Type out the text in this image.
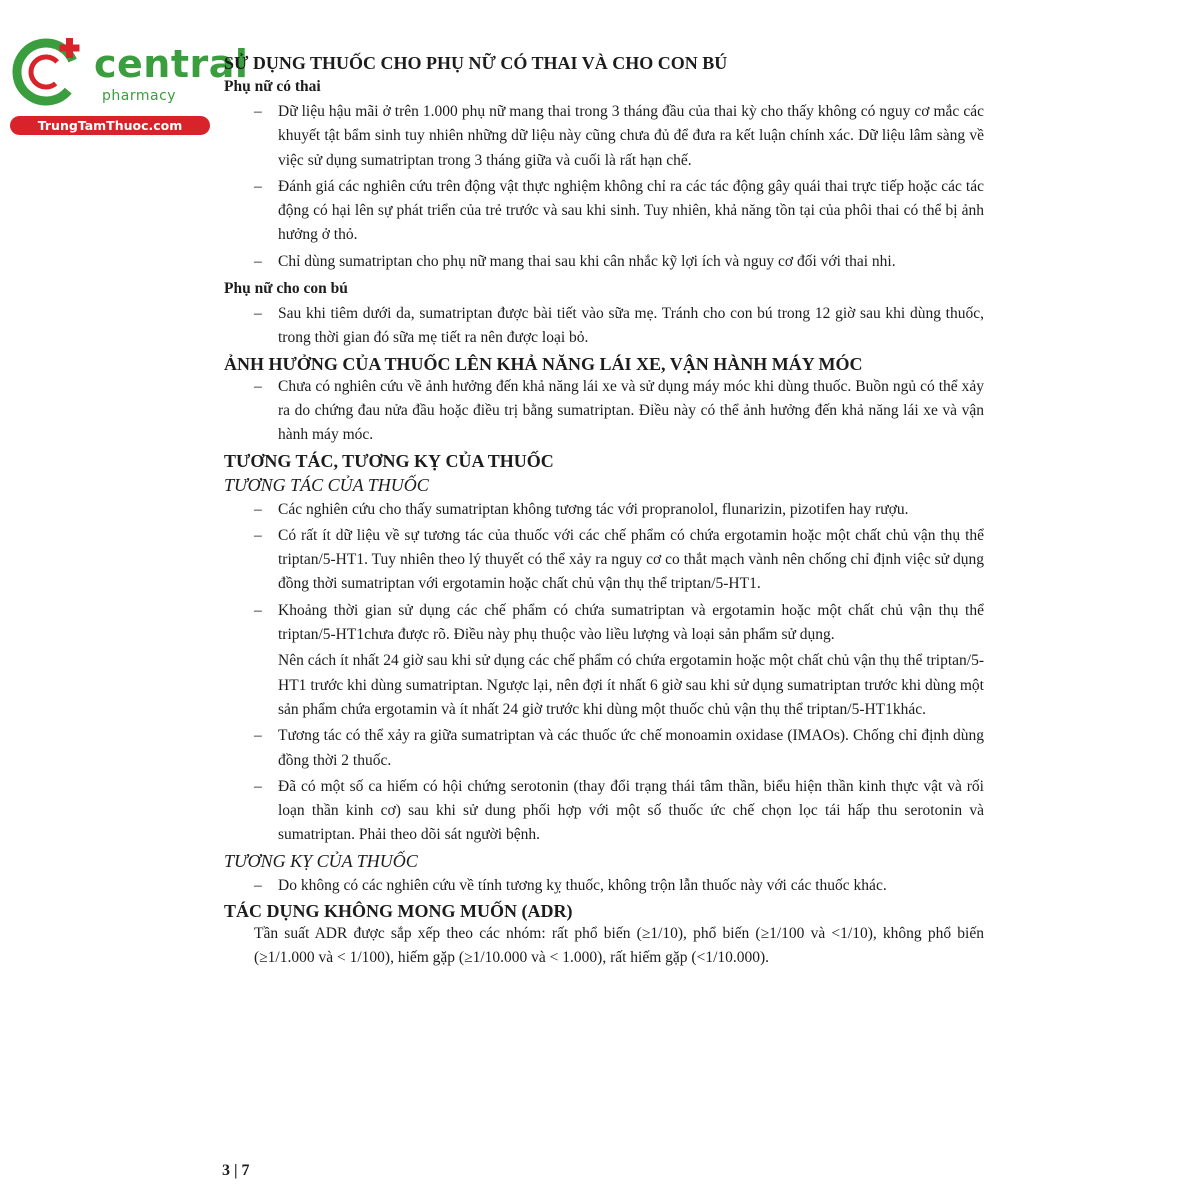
central
pharmacy
TrungTamThuoc.com
SỬ DỤNG THUỐC CHO PHỤ NỮ CÓ THAI VÀ CHO CON BÚ
Phụ nữ có thai
– Dữ liệu hậu mãi ở trên 1.000 phụ nữ mang thai trong 3 tháng đầu của thai kỳ cho thấy không có nguy cơ mắc các khuyết tật bẩm sinh tuy nhiên những dữ liệu này cũng chưa đủ để đưa ra kết luận chính xác. Dữ liệu lâm sàng về việc sử dụng sumatriptan trong 3 tháng giữa và cuối là rất hạn chế.
– Đánh giá các nghiên cứu trên động vật thực nghiệm không chỉ ra các tác động gây quái thai trực tiếp hoặc các tác động có hại lên sự phát triển của trẻ trước và sau khi sinh. Tuy nhiên, khả năng tồn tại của phôi thai có thể bị ảnh hưởng ở thỏ.
– Chỉ dùng sumatriptan cho phụ nữ mang thai sau khi cân nhắc kỹ lợi ích và nguy cơ đối với thai nhi.
Phụ nữ cho con bú
– Sau khi tiêm dưới da, sumatriptan được bài tiết vào sữa mẹ. Tránh cho con bú trong 12 giờ sau khi dùng thuốc, trong thời gian đó sữa mẹ tiết ra nên được loại bỏ.
ẢNH HƯỞNG CỦA THUỐC LÊN KHẢ NĂNG LÁI XE, VẬN HÀNH MÁY MÓC
– Chưa có nghiên cứu về ảnh hưởng đến khả năng lái xe và sử dụng máy móc khi dùng thuốc. Buồn ngủ có thể xảy ra do chứng đau nửa đầu hoặc điều trị bằng sumatriptan. Điều này có thể ảnh hưởng đến khả năng lái xe và vận hành máy móc.
TƯƠNG TÁC, TƯƠNG KỴ CỦA THUỐC
TƯƠNG TÁC CỦA THUỐC
– Các nghiên cứu cho thấy sumatriptan không tương tác với propranolol, flunarizin, pizotifen hay rượu.
– Có rất ít dữ liệu về sự tương tác của thuốc với các chế phẩm có chứa ergotamin hoặc một chất chủ vận thụ thể triptan/5-HT1. Tuy nhiên theo lý thuyết có thể xảy ra nguy cơ co thắt mạch vành nên chống chỉ định việc sử dụng đồng thời sumatriptan với ergotamin hoặc chất chủ vận thụ thể triptan/5-HT1.
– Khoảng thời gian sử dụng các chế phẩm có chứa sumatriptan và ergotamin hoặc một chất chủ vận thụ thể triptan/5-HT1chưa được rõ. Điều này phụ thuộc vào liều lượng và loại sản phẩm sử dụng.
Nên cách ít nhất 24 giờ sau khi sử dụng các chế phẩm có chứa ergotamin hoặc một chất chủ vận thụ thể triptan/5-HT1 trước khi dùng sumatriptan. Ngược lại, nên đợi ít nhất 6 giờ sau khi sử dụng sumatriptan trước khi dùng một sản phẩm chứa ergotamin và ít nhất 24 giờ trước khi dùng một thuốc chủ vận thụ thể triptan/5-HT1khác.
– Tương tác có thể xảy ra giữa sumatriptan và các thuốc ức chế monoamin oxidase (IMAOs). Chống chỉ định dùng đồng thời 2 thuốc.
– Đã có một số ca hiếm có hội chứng serotonin (thay đổi trạng thái tâm thần, biểu hiện thần kinh thực vật và rối loạn thần kinh cơ) sau khi sử dung phối hợp với một số thuốc ức chế chọn lọc tái hấp thu serotonin và sumatriptan. Phải theo dõi sát người bệnh.
TƯƠNG KỴ CỦA THUỐC
– Do không có các nghiên cứu về tính tương kỵ thuốc, không trộn lẫn thuốc này với các thuốc khác.
TÁC DỤNG KHÔNG MONG MUỐN (ADR)
Tần suất ADR được sắp xếp theo các nhóm: rất phổ biến (≥1/10), phổ biến (≥1/100 và <1/10), không phổ biến (≥1/1.000 và < 1/100), hiếm gặp (≥1/10.000 và < 1.000), rất hiếm gặp (<1/10.000).
3 | 7
